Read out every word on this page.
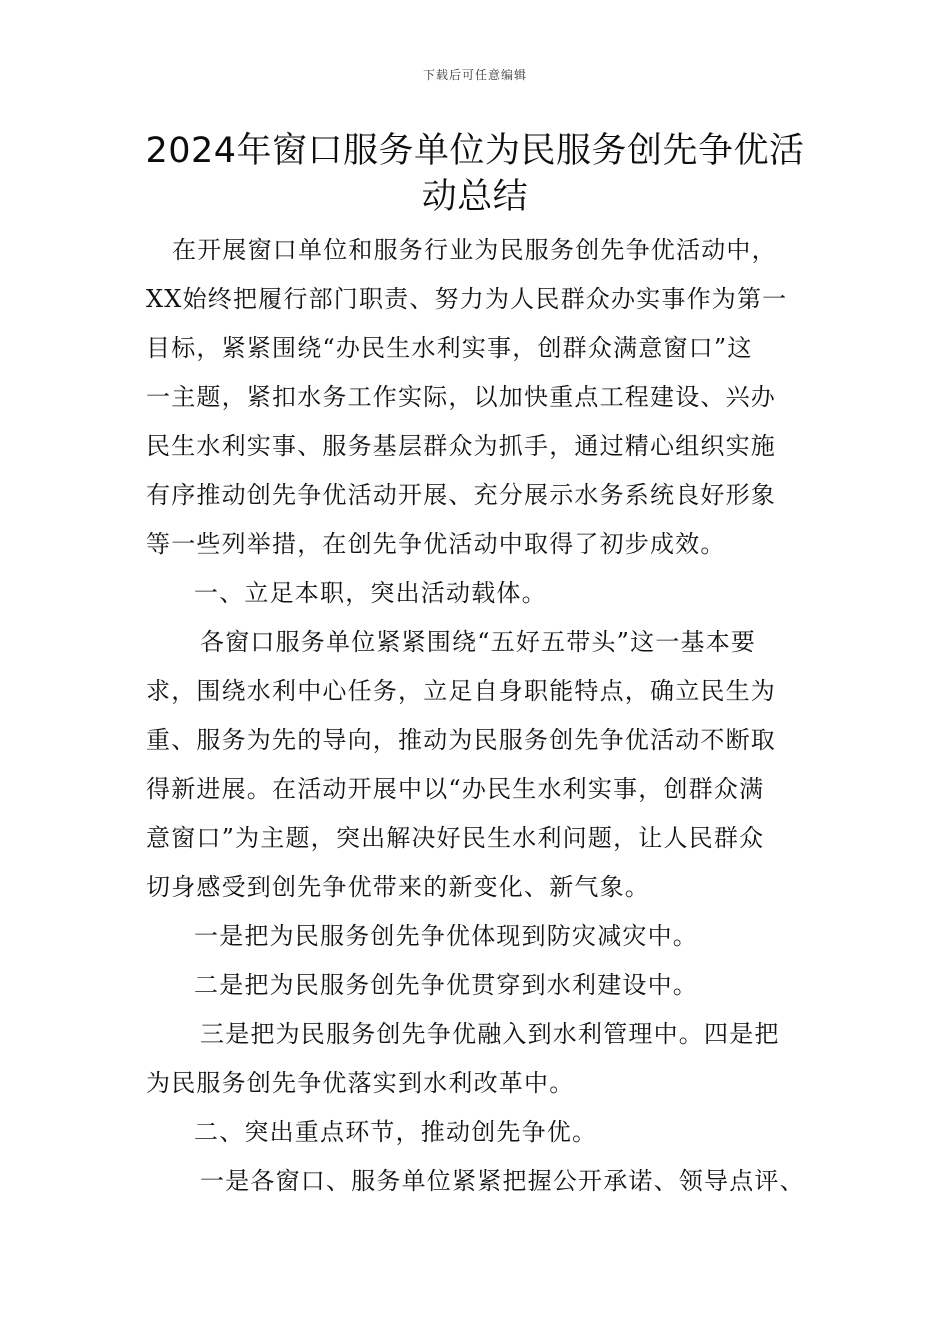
下载后可任意编辑
2024年窗口服务单位为民服务创先争优活
动总结
在开展窗口单位和服务行业为民服务创先争优活动中，
XX始终把履行部门职责、努力为人民群众办实事作为第一
目标，紧紧围绕“办民生水利实事，创群众满意窗口”这
一主题，紧扣水务工作实际，以加快重点工程建设、兴办
民生水利实事、服务基层群众为抓手，通过精心组织实施
有序推动创先争优活动开展、充分展示水务系统良好形象
等一些列举措，在创先争优活动中取得了初步成效。
一、立足本职，突出活动载体。
各窗口服务单位紧紧围绕“五好五带头”这一基本要
求，围绕水利中心任务，立足自身职能特点，确立民生为
重、服务为先的导向，推动为民服务创先争优活动不断取
得新进展。在活动开展中以“办民生水利实事，创群众满
意窗口”为主题，突出解决好民生水利问题，让人民群众
切身感受到创先争优带来的新变化、新气象。
一是把为民服务创先争优体现到防灾减灾中。
二是把为民服务创先争优贯穿到水利建设中。
三是把为民服务创先争优融入到水利管理中。四是把
为民服务创先争优落实到水利改革中。
二、突出重点环节，推动创先争优。
一是各窗口、服务单位紧紧把握公开承诺、领导点评、
